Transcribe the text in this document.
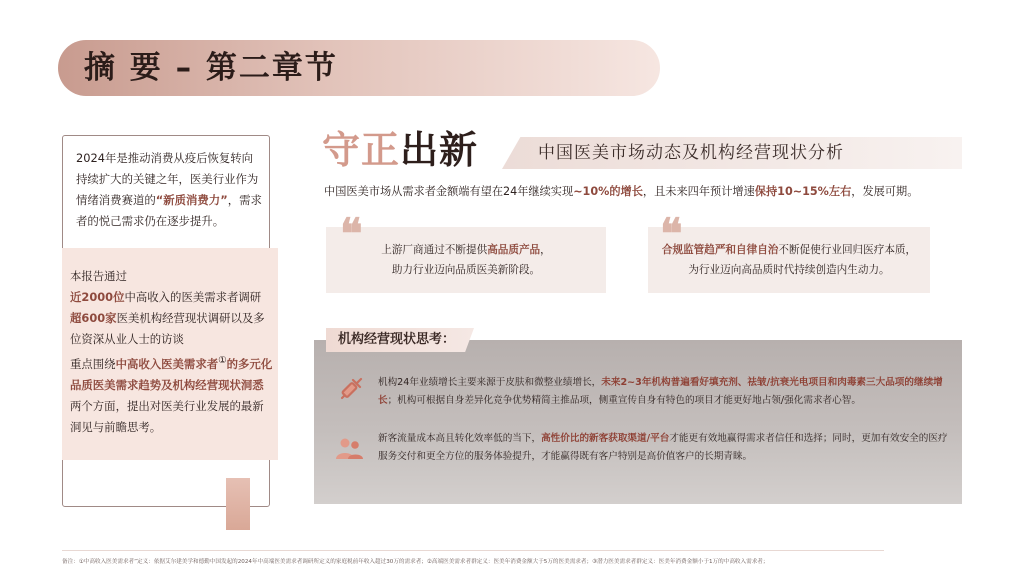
摘 要 – 第二章节
2024年是推动消费从疫后恢复转向持续扩大的关键之年，医美行业作为情绪消费赛道的“新质消费力”，需求者的悦己需求仍在逐步提升。

本报告通过

近2000位中高收入的医美需求者调研

超600家医美机构经营现状调研以及多位资深从业人士的访谈

重点围绕中高收入医美需求者①的多元化品质医美需求趋势及机构经营现状洞悉两个方面，提出对医美行业发展的最新洞见与前瞻思考。

守正出新	中国医美市场动态及机构经营现状分析
中国医美市场从需求者金额端有望在24年继续实现~10%的增长，且未来四年预计增速保持10~15%左右，发展可期。
❝	上游厂商通过不断提供高品质产品，
助力行业迈向品质医美新阶段。
❝
合规监管趋严和自律自治不断促使行业回归医疗本质，
为行业迈向高品质时代持续创造内生动力。
机构经营现状思考：
机构24年业绩增长主要来源于皮肤和微整业绩增长，未来2~3年机构普遍看好填充剂、祛皱/抗衰光电项目和肉毒素三大品项的继续增长；机构可根据自身差异化竞争优势精简主推品项，侧重宣传自身有特色的项目才能更好地占领/强化需求者心智。
新客流量成本高且转化效率低的当下，高性价比的新客获取渠道/平台才能更有效地赢得需求者信任和选择；同时，更加有效安全的医疗服务交付和更全方位的服务体验提升，才能赢得既有客户特别是高价值客户的长期青睐。
备注：①中高收入医美需求者”定义：依据艾尔建美学和德勤中国发起的2024年中高端医美需求者调研所定义的家庭税前年收入超过30万的需求者；②高端医美需求者群定义：医美年消费金额大于5万的医美需求者；③潜力医美需求者群定义：医美年消费金额小于1万的中高收入需求者；
